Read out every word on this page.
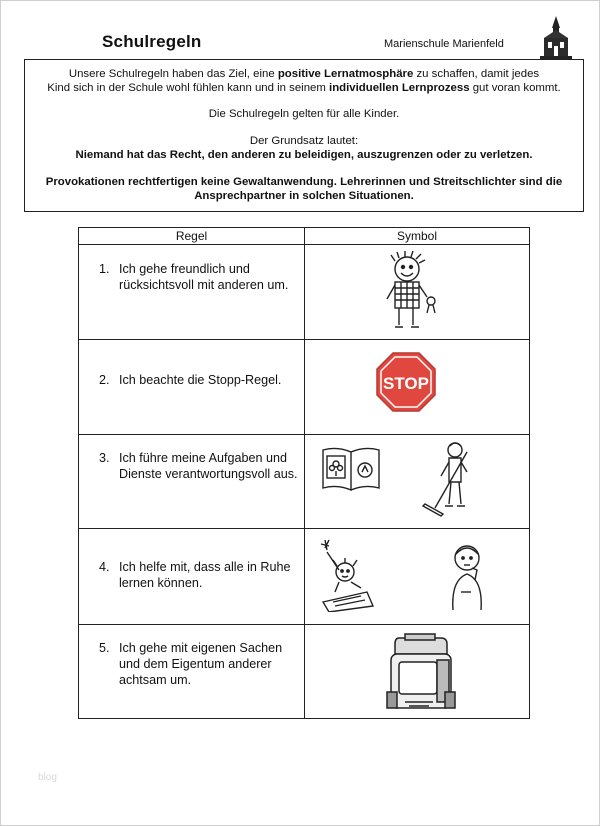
Schulregeln	Marienschule Marienfeld

Unsere Schulregeln haben das Ziel, eine positive Lernatmosphäre zu schaffen, damit jedes
Kind sich in der Schule wohl fühlen kann und in seinem individuellen Lernprozess gut voran kommt.

Die Schulregeln gelten für alle Kinder.

Der Grundsatz lautet:
Niemand hat das Recht, den anderen zu beleidigen, auszugrenzen oder zu verletzen.

Provokationen rechtfertigen keine Gewaltanwendung. Lehrerinnen und Streitschlichter sind die
Ansprechpartner in solchen Situationen.

Regel	Symbol
1. Ich gehe freundlich und rücksichtsvoll mit anderen um.
2. Ich beachte die Stopp-Regel.	STOP
3. Ich führe meine Aufgaben und Dienste verantwortungsvoll aus.
4. Ich helfe mit, dass alle in Ruhe lernen können.
5. Ich gehe mit eigenen Sachen und dem Eigentum anderer achtsam um.
blog
